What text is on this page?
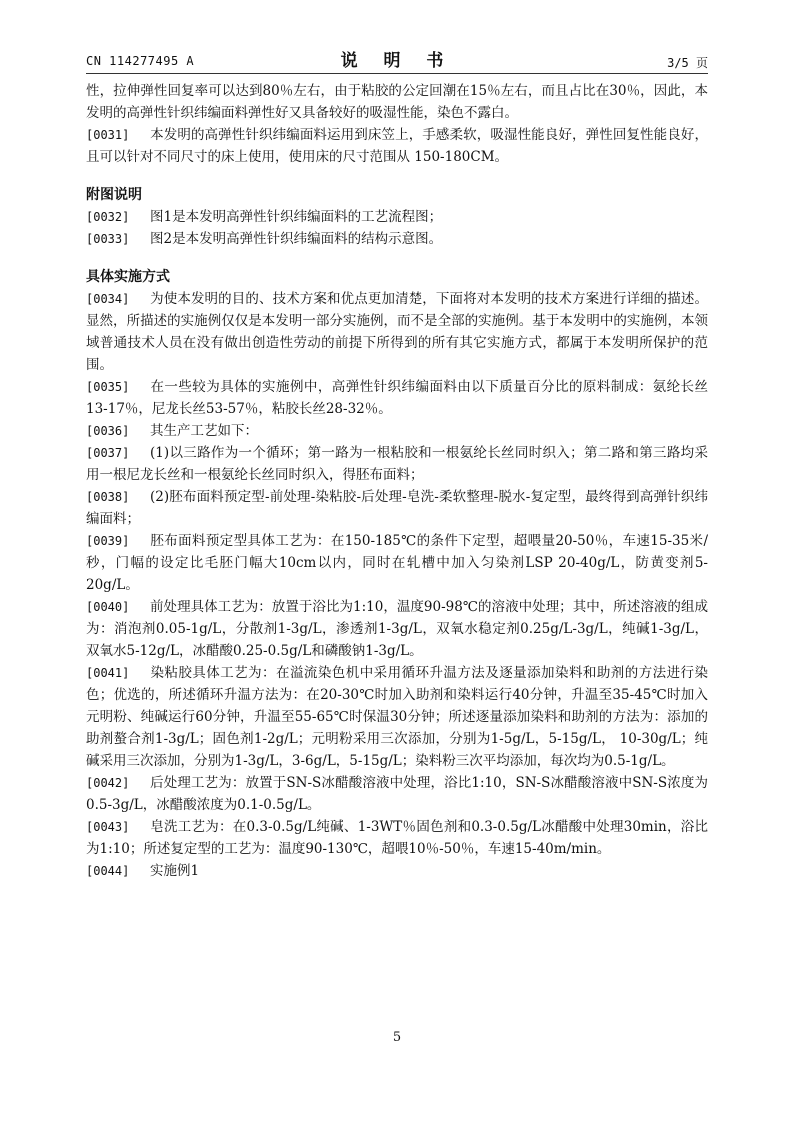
CN 114277495 A	说 明 书	3/5 页

性，拉伸弹性回复率可以达到80％左右，由于粘胶的公定回潮在15％左右，而且占比在30％，因此，本发明的高弹性针织纬编面料弹性好又具备较好的吸湿性能，染色不露白。

[0031] 本发明的高弹性针织纬编面料运用到床笠上，手感柔软，吸湿性能良好，弹性回复性能良好，且可以针对不同尺寸的床上使用，使用床的尺寸范围从 150-180CM。

附图说明

[0032] 图1是本发明高弹性针织纬编面料的工艺流程图；

[0033] 图2是本发明高弹性针织纬编面料的结构示意图。

具体实施方式

[0034] 为使本发明的目的、技术方案和优点更加清楚，下面将对本发明的技术方案进行详细的描述。显然，所描述的实施例仅仅是本发明一部分实施例，而不是全部的实施例。基于本发明中的实施例，本领域普通技术人员在没有做出创造性劳动的前提下所得到的所有其它实施方式，都属于本发明所保护的范围。

[0035] 在一些较为具体的实施例中，高弹性针织纬编面料由以下质量百分比的原料制成：氨纶长丝13-17％，尼龙长丝53-57％，粘胶长丝28-32％。

[0036] 其生产工艺如下：

[0037] (1)以三路作为一个循环；第一路为一根粘胶和一根氨纶长丝同时织入；第二路和第三路均采用一根尼龙长丝和一根氨纶长丝同时织入，得胚布面料；

[0038] (2)胚布面料预定型-前处理-染粘胶-后处理-皂洗-柔软整理-脱水-复定型，最终得到高弹针织纬编面料；

[0039] 胚布面料预定型具体工艺为：在150-185℃的条件下定型，超喂量20-50％，车速15-35米/秒，门幅的设定比毛胚门幅大10cm以内，同时在轧槽中加入匀染剂LSP 20-40g/L，防黄变剂5-20g/L。

[0040] 前处理具体工艺为：放置于浴比为1:10，温度90-98℃的溶液中处理；其中，所述溶液的组成为：消泡剂0.05-1g/L，分散剂1-3g/L，渗透剂1-3g/L，双氧水稳定剂0.25g/L-3g/L，纯碱1-3g/L，双氧水5-12g/L，冰醋酸0.25-0.5g/L和磷酸钠1-3g/L。

[0041] 染粘胶具体工艺为：在溢流染色机中采用循环升温方法及逐量添加染料和助剂的方法进行染色；优选的，所述循环升温方法为：在20-30℃时加入助剂和染料运行40分钟，升温至35-45℃时加入元明粉、纯碱运行60分钟，升温至55-65℃时保温30分钟；所述逐量添加染料和助剂的方法为：添加的助剂螯合剂1-3g/L；固色剂1-2g/L；元明粉采用三次添加，分别为1-5g/L，5-15g/L， 10-30g/L；纯碱采用三次添加，分别为1-3g/L，3-6g/L，5-15g/L；染料粉三次平均添加，每次均为0.5-1g/L。

[0042] 后处理工艺为：放置于SN-S冰醋酸溶液中处理，浴比1:10，SN-S冰醋酸溶液中SN-S浓度为0.5-3g/L，冰醋酸浓度为0.1-0.5g/L。

[0043] 皂洗工艺为：在0.3-0.5g/L纯碱、1-3WT％固色剂和0.3-0.5g/L冰醋酸中处理30min，浴比为1:10；所述复定型的工艺为：温度90-130℃，超喂10％-50％，车速15-40m/min。

[0044] 实施例1

5
